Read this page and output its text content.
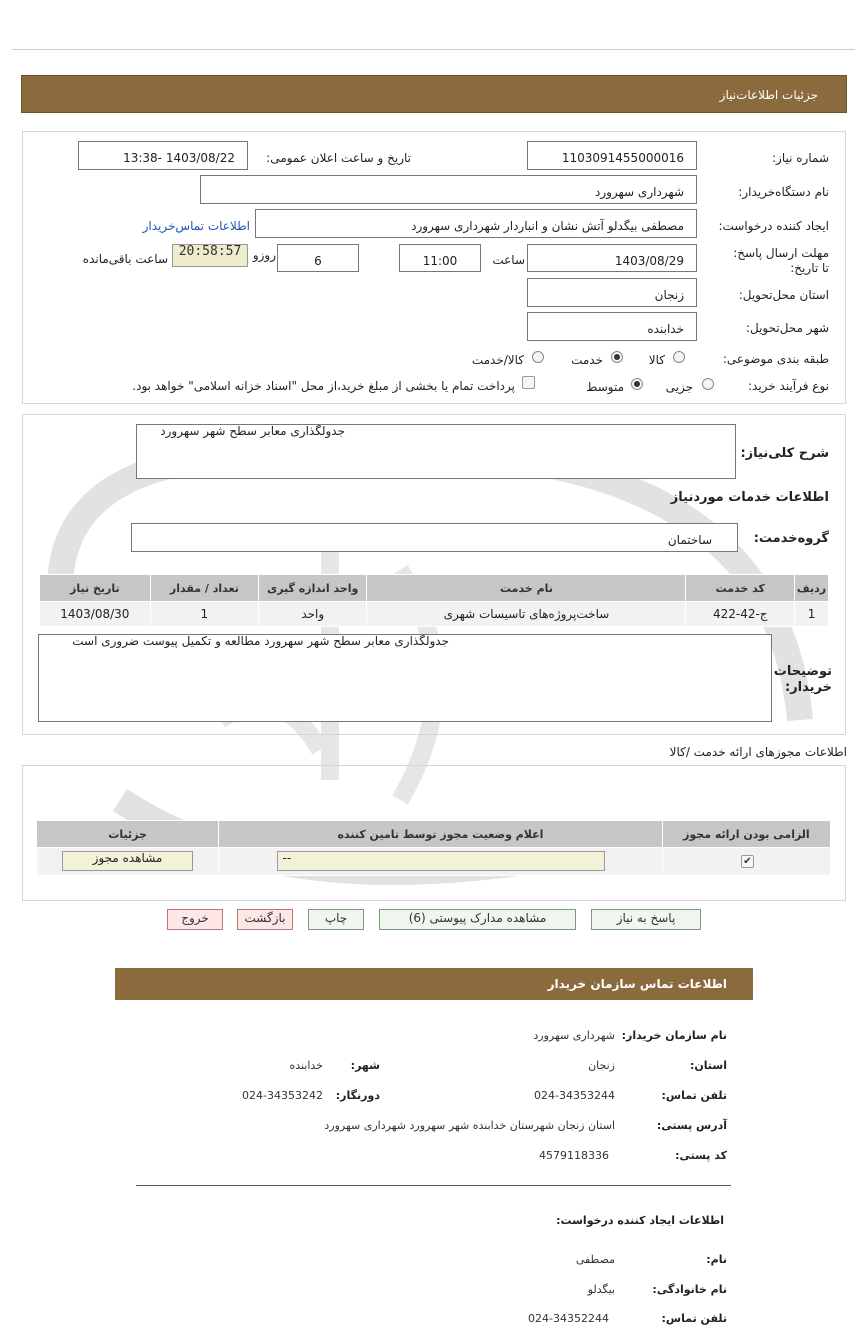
جزئیات اطلاعات‌نیاز
شماره نیاز:
1103091455000016
تاریخ و ساعت اعلان عمومی:
1403/08/22 -13:38
نام دستگاه‌خریدار:
شهرداری سهرورد
ایجاد کننده درخواست:
مصطفی بیگدلو آتش نشان و انباردار شهرداری سهرورد
اطلاعات تماس‌خریدار
مهلت ارسال پاسخ: تا تاریخ:
1403/08/29
ساعت
11:00
6
روزو
20:58:57
ساعت باقی‌مانده
استان محل‌تحویل:
زنجان
شهر محل‌تحویل:
خدابنده
طبقه بندی موضوعی:
کالا
خدمت
کالا/خدمت
نوع فرآیند خرید:
جزیی
متوسط
پرداخت تمام یا بخشی از مبلغ خرید،از محل "اسناد خزانه اسلامی" خواهد بود.
شرح کلی‌نیاز:
جدولگذاری معابر سطح شهر سهرورد
اطلاعات خدمات موردنیاز
گروه‌خدمت:
ساختمان
ردیف	کد خدمت	نام خدمت	واحد اندازه گیری	تعداد / مقدار	تاریخ نیاز
1	ج-42-422	ساخت‌پروژه‌های تاسیسات شهری	واحد	1	1403/08/30
توضیحات خریدار:
جدولگذاری معابر سطح شهر سهرورد مطالعه و تکمیل پیوست ضروری است
اطلاعات مجوزهای ارائه خدمت /کالا
الزامی بودن ارائه مجوز	اعلام وضعیت مجوز توسط تامین کننده	جزئیات

✔	--	مشاهده مجوز
پاسخ به نیاز
مشاهده مدارک پیوستی (6)
چاپ
بازگشت
خروج
اطلاعات تماس سازمان خریدار
نام سازمان خریدار:
شهرداری سهرورد
استان:
زنجان
شهر:
خدابنده
تلفن تماس:
024-34353244
دورنگار:
024-34353242
آدرس پستی:
استان زنجان شهرستان خدابنده شهر سهرورد شهرداری سهرورد
کد پستی:
4579118336
اطلاعات ایجاد کننده درخواست:
نام:
مصطفی
نام خانوادگی:
بیگدلو
تلفن تماس:
024-34352244
